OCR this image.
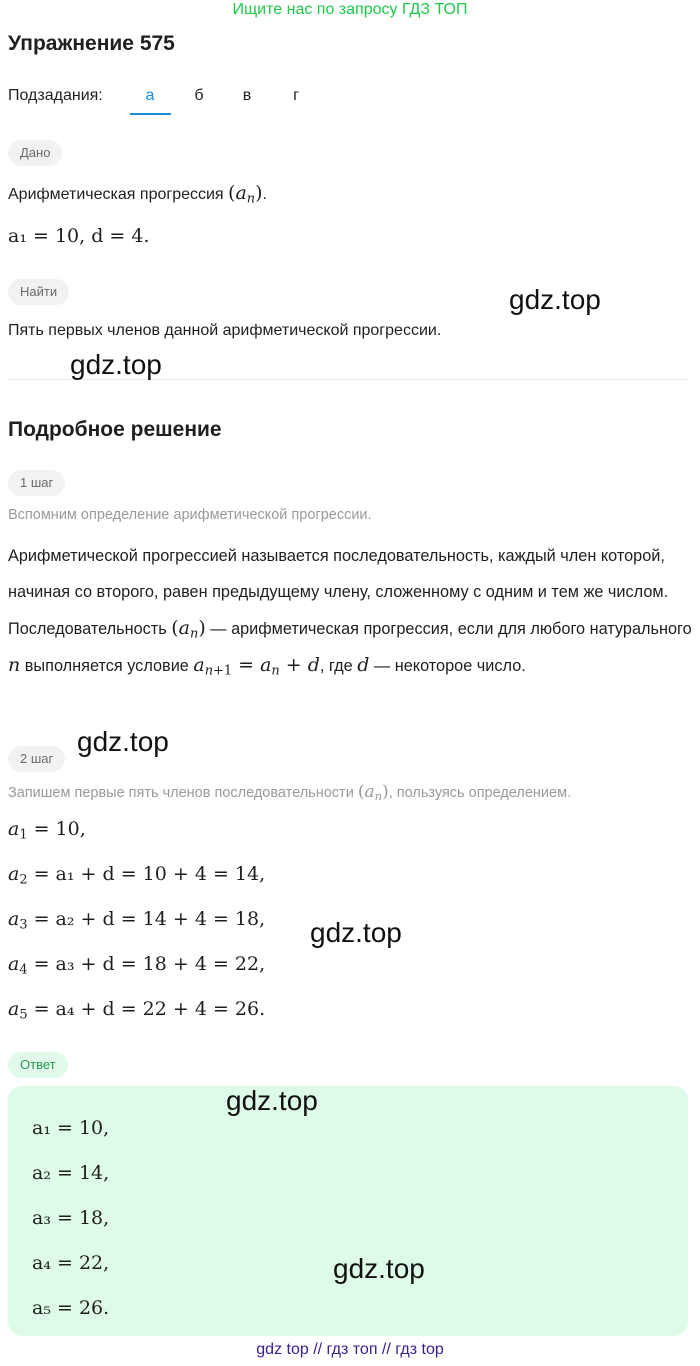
Ищите нас по запросу ГДЗ ТОП
Упражнение 575
Подзадания:	а	б	в	г
Дано
Арифметическая прогрессия $(a_n)$.
a₁ = 10, d = 4.
Найти
Пять первых членов данной арифметической прогрессии.
Подробное решение
1 шаг
Вспомним определение арифметической прогрессии.
Арифметической прогрессией называется последовательность, каждый член которой, начиная со второго, равен предыдущему члену, сложенному с одним и тем же числом. Последовательность $(a_n)$ — арифметическая прогрессия, если для любого натурального n выполняется условие $a_{n+1} = a_n + d$, где d — некоторое число.
2 шаг
Запишем первые пять членов последовательности $(a_n)$, пользуясь определением.
$a_1 = 10$,
$a_2 = a_1 + d = 10 + 4 = 14$,
$a_3 = a_2 + d = 14 + 4 = 18$,
$a_4 = a_3 + d = 18 + 4 = 22$,
$a_5 = a_4 + d = 22 + 4 = 26$.
Ответ
a₁ = 10,
a₂ = 14,
a₃ = 18,
a₄ = 22,
a₅ = 26.
gdz.top
gdz.top
gdz.top
gdz.top
gdz.top
gdz.top
gdz top // гдз топ // гдз top
